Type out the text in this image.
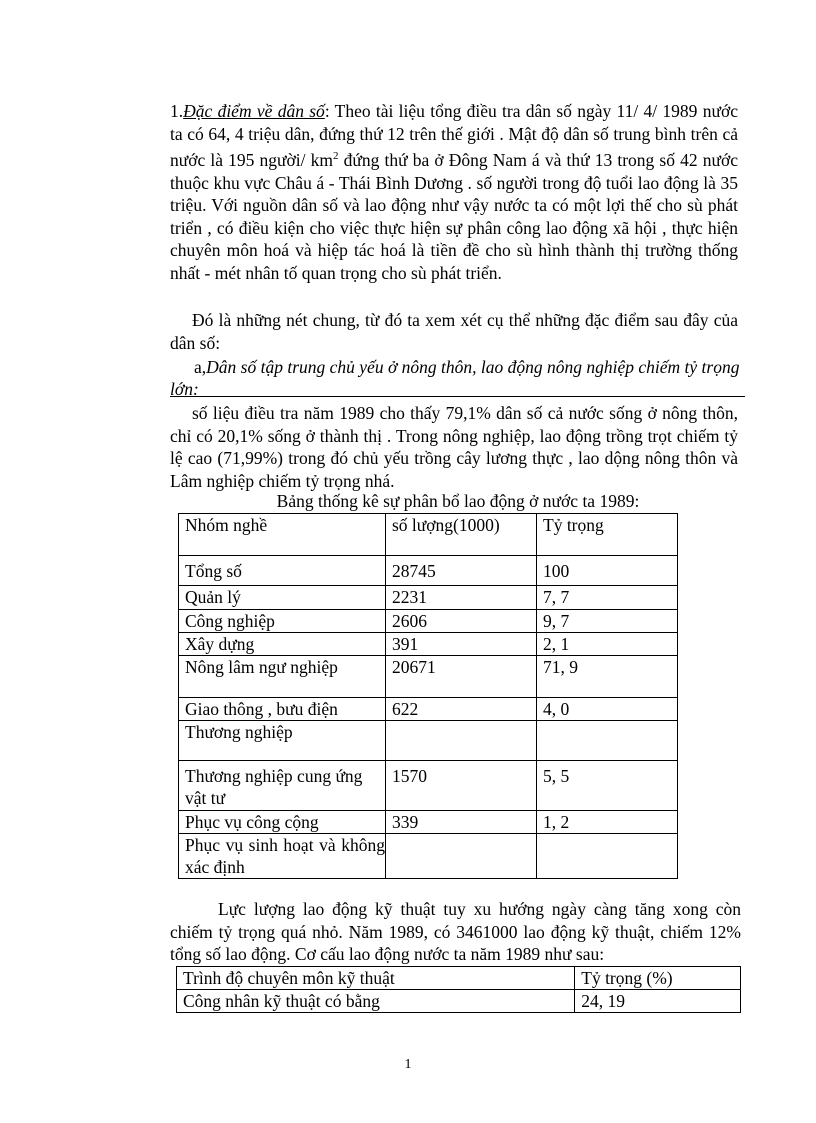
1.Đặc điểm về dân số: Theo tài liệu tổng điều tra dân số ngày 11/ 4/ 1989 nước ta có 64, 4 triệu dân, đứng thứ 12 trên thế giới . Mật độ dân số trung bình trên cả nước là 195 người/ $km^2$ đứng thứ ba ở Đông Nam á và thứ 13 trong số 42 nước thuộc khu vực Châu á - Thái Bình Dương . số người trong độ tuổi lao động là 35 triệu. Với nguồn dân số và lao động như vậy nước ta có một lợi thế cho sù phát triển , có điều kiện cho việc thực hiện sự phân công lao động xã hội , thực hiện chuyên môn hoá và hiệp tác hoá là tiền đề cho sù hình thành thị trường thống nhất - mét nhân tố quan trọng cho sù phát triển.

Đó là những nét chung, từ đó ta xem xét cụ thể những đặc điểm sau đây của dân số:

a,Dân số tập trung chủ yếu ở nông thôn, lao động nông nghiệp chiếm tỷ trọng lớn:

số liệu điều tra năm 1989 cho thấy 79,1% dân số cả nước sống ở nông thôn, chỉ có 20,1% sống ở thành thị . Trong nông nghiệp, lao động trồng trọt chiếm tỷ lệ cao (71,99%) trong đó chủ yếu trồng cây lương thực , lao dộng nông thôn và Lâm nghiệp chiếm tỷ trọng nhá.

Bảng thống kê sự phân bổ lao động ở nước ta 1989:
Nhóm nghề	số lượng(1000)	Tỷ trọng
Tổng số	28745	100
Quản lý	2231	7, 7
Công nghiệp	2606	9, 7
Xây dựng	391	2, 1
Nông lâm ngư nghiệp	20671	71, 9
Giao thông , bưu điện	622	4, 0
Thương nghiệp		
Thương nghiệp cung ứng vật tư	1570	5, 5
Phục vụ công cộng	339	1, 2
Phục vụ sinh hoạt và không xác định		

Lực lượng lao động kỹ thuật tuy xu hướng ngày càng tăng xong còn chiếm tỷ trọng quá nhỏ. Năm 1989, có 3461000 lao động kỹ thuật, chiếm 12% tổng số lao động. Cơ cấu lao động nước ta năm 1989 như sau:

Trình độ chuyên môn kỹ thuật	Tỷ trọng (%)
Công nhân kỹ thuật có bằng	24, 19
1
